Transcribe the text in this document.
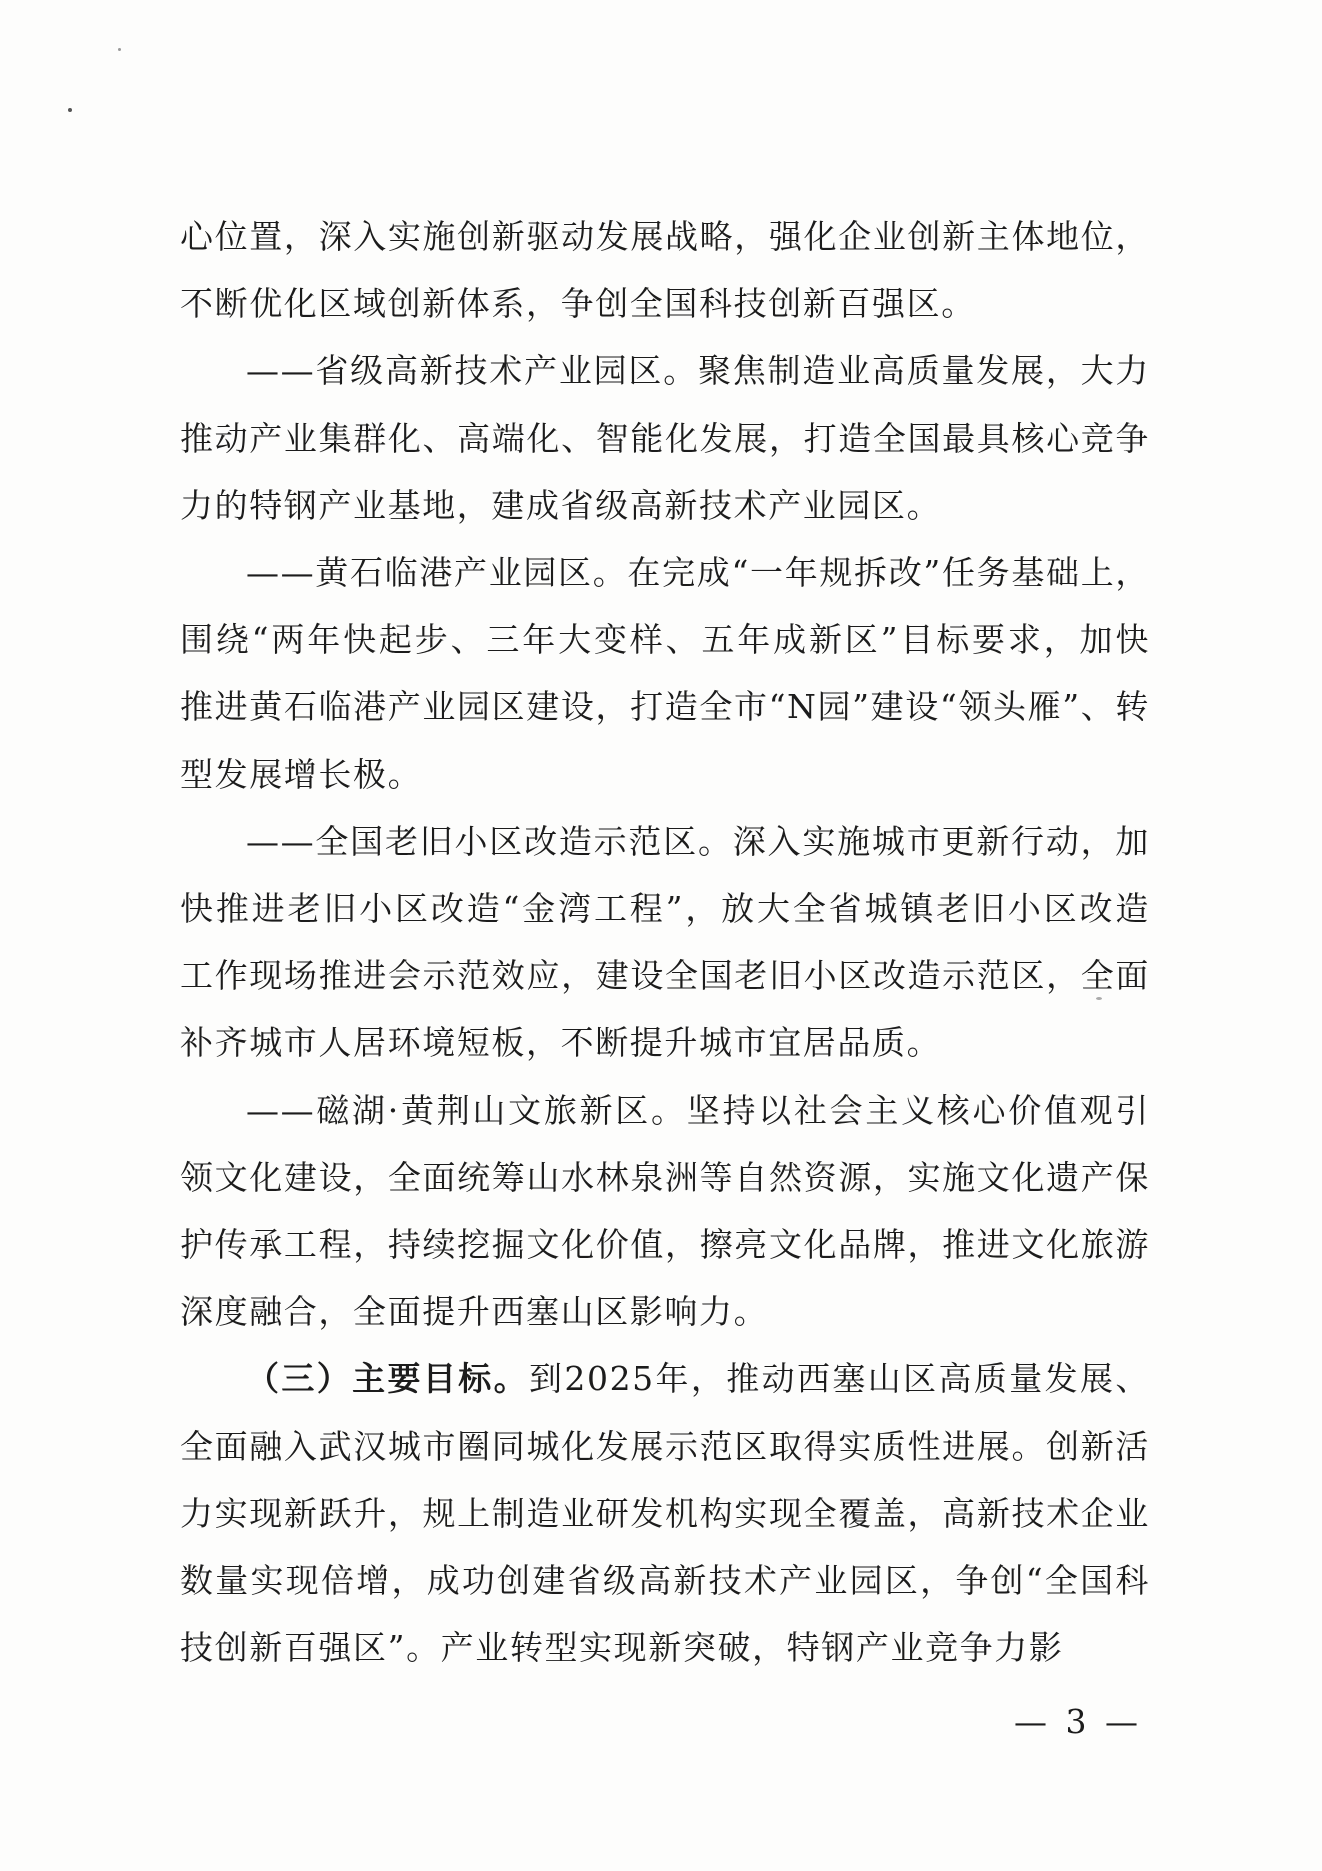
心位置，深入实施创新驱动发展战略，强化企业创新主体地位，不断优化区域创新体系，争创全国科技创新百强区。

——省级高新技术产业园区。聚焦制造业高质量发展，大力推动产业集群化、高端化、智能化发展，打造全国最具核心竞争力的特钢产业基地，建成省级高新技术产业园区。

——黄石临港产业园区。在完成“一年规拆改”任务基础上，围绕“两年快起步、三年大变样、五年成新区”目标要求，加快推进黄石临港产业园区建设，打造全市“N园”建设“领头雁”、转型发展增长极。

——全国老旧小区改造示范区。深入实施城市更新行动，加快推进老旧小区改造“金湾工程”，放大全省城镇老旧小区改造工作现场推进会示范效应，建设全国老旧小区改造示范区，全面补齐城市人居环境短板，不断提升城市宜居品质。

——磁湖·黄荆山文旅新区。坚持以社会主义核心价值观引领文化建设，全面统筹山水林泉洲等自然资源，实施文化遗产保护传承工程，持续挖掘文化价值，擦亮文化品牌，推进文化旅游深度融合，全面提升西塞山区影响力。

（三）主要目标。到2025年，推动西塞山区高质量发展、全面融入武汉城市圈同城化发展示范区取得实质性进展。创新活力实现新跃升，规上制造业研发机构实现全覆盖，高新技术企业数量实现倍增，成功创建省级高新技术产业园区，争创“全国科技创新百强区”。产业转型实现新突破，特钢产业竞争力影

— 3 —
